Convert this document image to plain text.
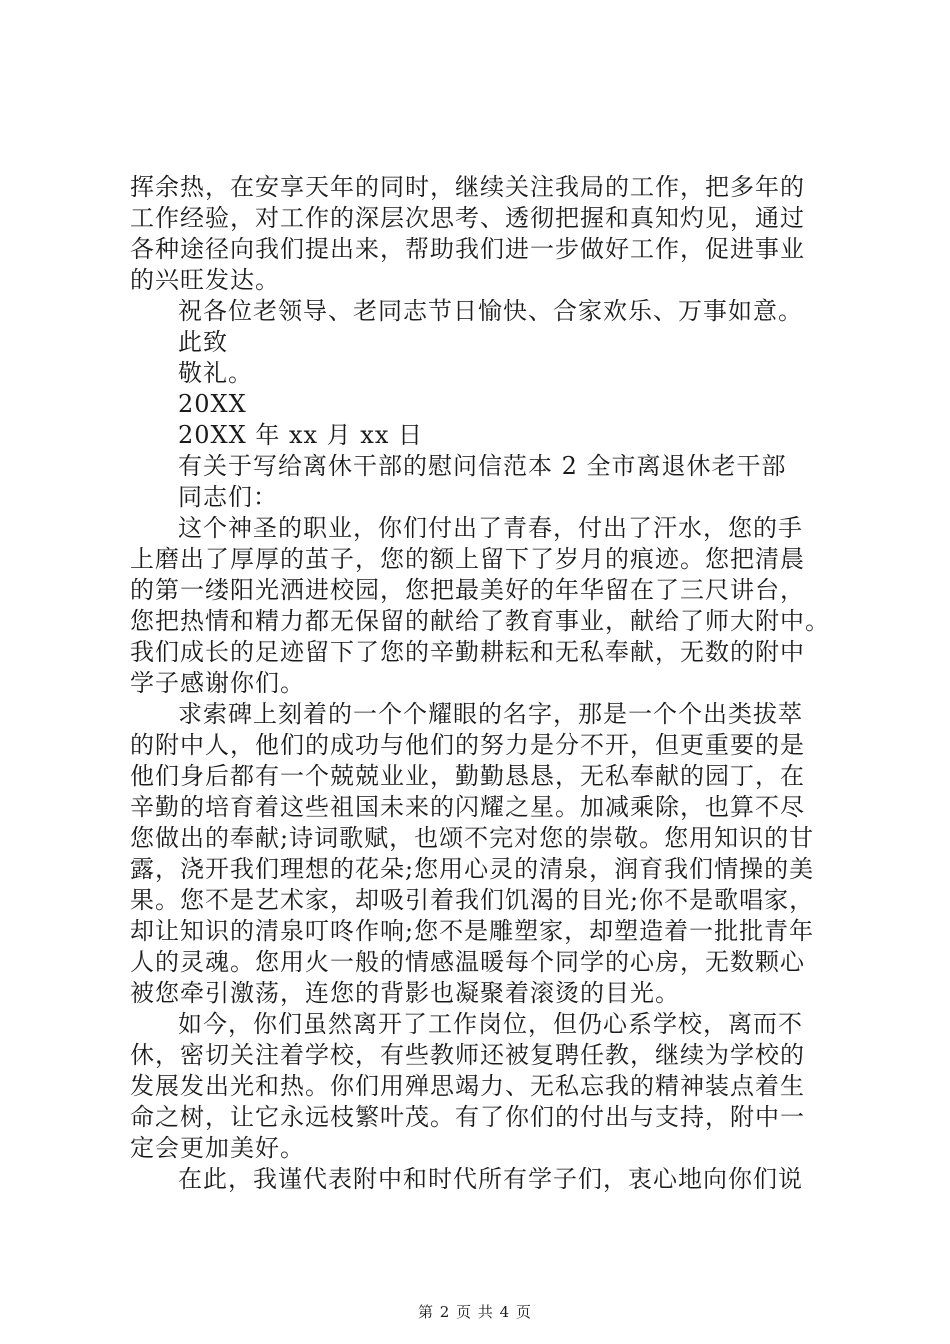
挥余热，在安享天年的同时，继续关注我局的工作，把多年的
工作经验，对工作的深层次思考、透彻把握和真知灼见，通过
各种途径向我们提出来，帮助我们进一步做好工作，促进事业
的兴旺发达。
祝各位老领导、老同志节日愉快、合家欢乐、万事如意。
此致
敬礼。
20XX
20XX 年 xx 月 xx 日
有关于写给离休干部的慰问信范本 2 全市离退休老干部
同志们：
这个神圣的职业，你们付出了青春，付出了汗水，您的手
上磨出了厚厚的茧子，您的额上留下了岁月的痕迹。您把清晨
的第一缕阳光洒进校园，您把最美好的年华留在了三尺讲台，
您把热情和精力都无保留的献给了教育事业，献给了师大附中。
我们成长的足迹留下了您的辛勤耕耘和无私奉献，无数的附中
学子感谢你们。
求索碑上刻着的一个个耀眼的名字，那是一个个出类拔萃
的附中人，他们的成功与他们的努力是分不开，但更重要的是
他们身后都有一个兢兢业业，勤勤恳恳，无私奉献的园丁，在
辛勤的培育着这些祖国未来的闪耀之星。加减乘除，也算不尽
您做出的奉献;诗词歌赋，也颂不完对您的崇敬。您用知识的甘
露，浇开我们理想的花朵;您用心灵的清泉，润育我们情操的美
果。您不是艺术家，却吸引着我们饥渴的目光;你不是歌唱家，
却让知识的清泉叮咚作响;您不是雕塑家，却塑造着一批批青年
人的灵魂。您用火一般的情感温暖每个同学的心房，无数颗心
被您牵引激荡，连您的背影也凝聚着滚烫的目光。
如今，你们虽然离开了工作岗位，但仍心系学校，离而不
休，密切关注着学校，有些教师还被复聘任教，继续为学校的
发展发出光和热。你们用殚思竭力、无私忘我的精神装点着生
命之树，让它永远枝繁叶茂。有了你们的付出与支持，附中一
定会更加美好。
在此，我谨代表附中和时代所有学子们，衷心地向你们说
第 2 页 共 4 页
